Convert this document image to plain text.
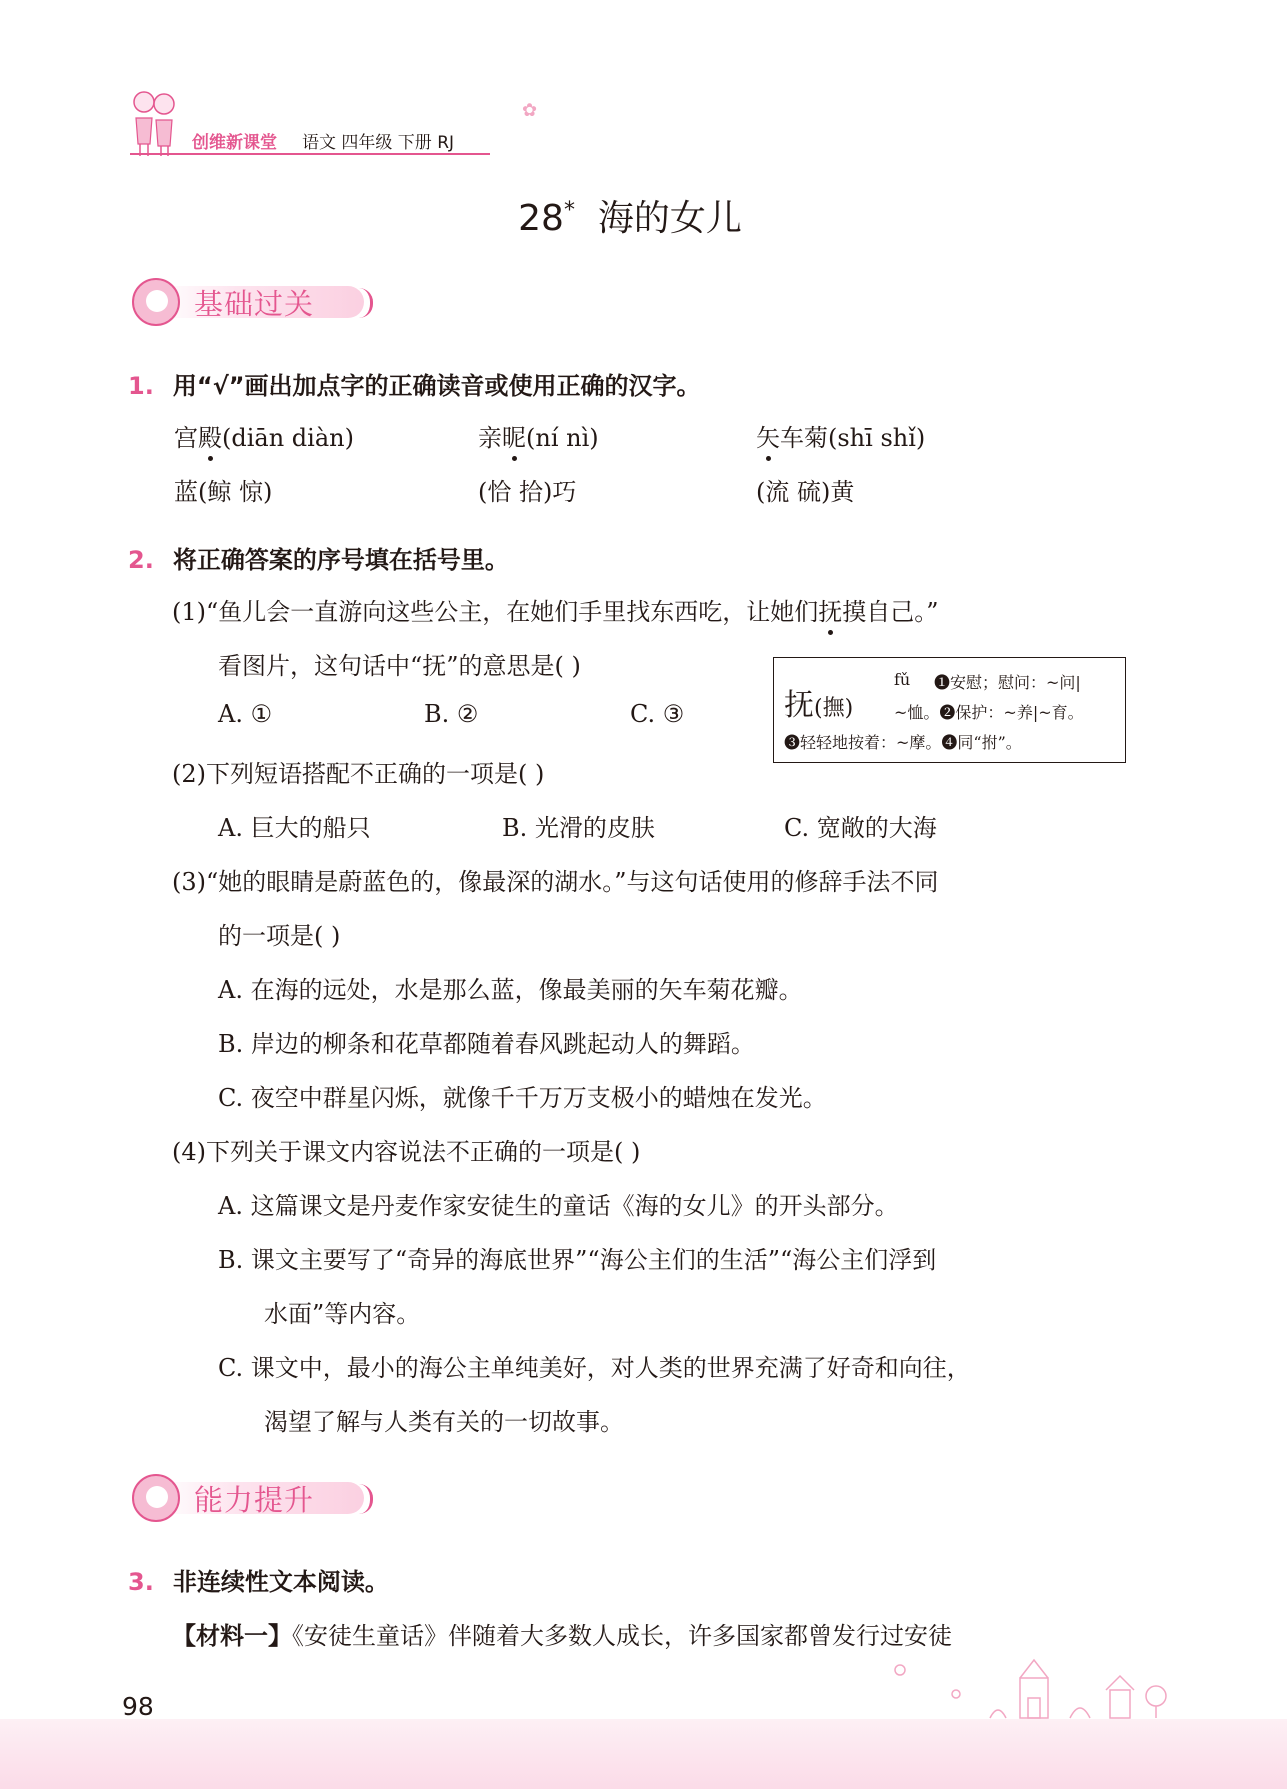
创维新课堂 语文 四年级 下册 RJ
✿
28* 海的女儿
基础过关
1. 用“√”画出加点字的正确读音或使用正确的汉字。
宫殿(diān diàn)	亲昵(ní nì)	矢车菊(shī shǐ)
蓝(鲸 惊)	(恰 拾)巧	(流 硫)黄
2. 将正确答案的序号填在括号里。
(1)“鱼儿会一直游向这些公主，在她们手里找东西吃，让她们抚摸自己。”
看图片，这句话中“抚”的意思是( )
A. ①	B. ②	C. ③	抚(撫)
fǔ ❶安慰；慰问：~问|
~恤。❷保护：~养|~育。
❸轻轻地按着：~摩。❹同“拊”。
(2)下列短语搭配不正确的一项是( )
A. 巨大的船只	B. 光滑的皮肤	C. 宽敞的大海
(3)“她的眼睛是蔚蓝色的，像最深的湖水。”与这句话使用的修辞手法不同
的一项是( )
A. 在海的远处，水是那么蓝，像最美丽的矢车菊花瓣。
B. 岸边的柳条和花草都随着春风跳起动人的舞蹈。
C. 夜空中群星闪烁，就像千千万万支极小的蜡烛在发光。
(4)下列关于课文内容说法不正确的一项是( )
A. 这篇课文是丹麦作家安徒生的童话《海的女儿》的开头部分。
B. 课文主要写了“奇异的海底世界”“海公主们的生活”“海公主们浮到
水面”等内容。
C. 课文中，最小的海公主单纯美好，对人类的世界充满了好奇和向往，
渴望了解与人类有关的一切故事。
能力提升
3. 非连续性文本阅读。
【材料一】《安徒生童话》伴随着大多数人成长，许多国家都曾发行过安徒
98
